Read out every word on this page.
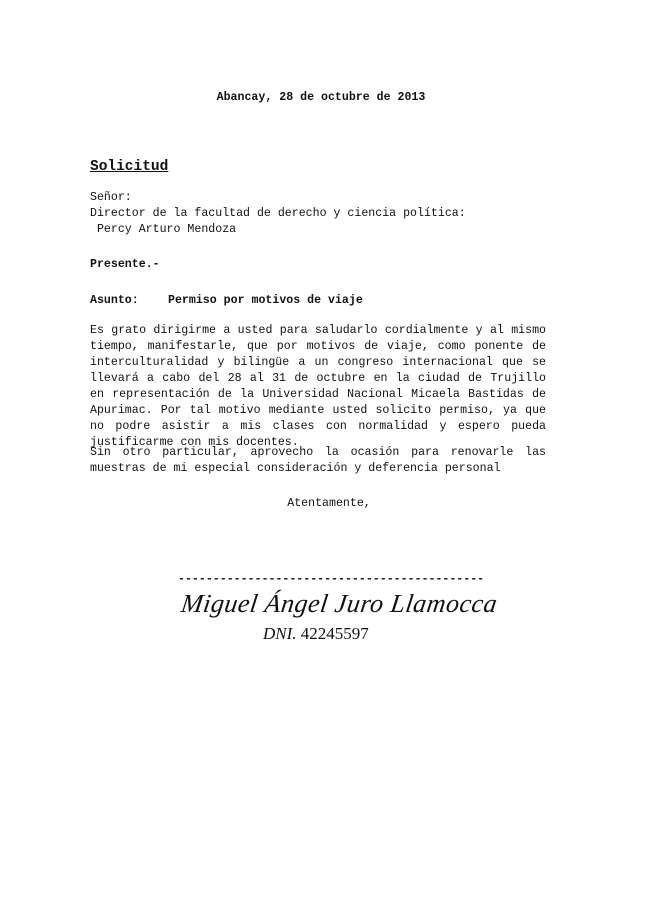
Abancay, 28 de octubre de 2013
Solicitud
Señor:
Director de la facultad de derecho y ciencia política:
Percy Arturo Mendoza
Presente.-
Asunto:	Permiso por motivos de viaje
Es grato dirigirme a usted para saludarlo cordialmente y al mismo tiempo, manifestarle, que por motivos de viaje, como ponente de interculturalidad y bilingüe a un congreso internacional que se llevará a cabo del 28 al 31 de octubre en la ciudad de Trujillo en representación de la Universidad Nacional Micaela Bastidas de Apurimac. Por tal motivo mediante usted solicito permiso, ya que no podre asistir a mis clases con normalidad y espero pueda justificarme con mis docentes.
Sin otro particular, aprovecho la ocasión para renovarle las muestras de mi especial consideración y deferencia personal
Atentamente,
--------------------------------------------
Miguel Ángel Juro Llamocca
DNI. 42245597
